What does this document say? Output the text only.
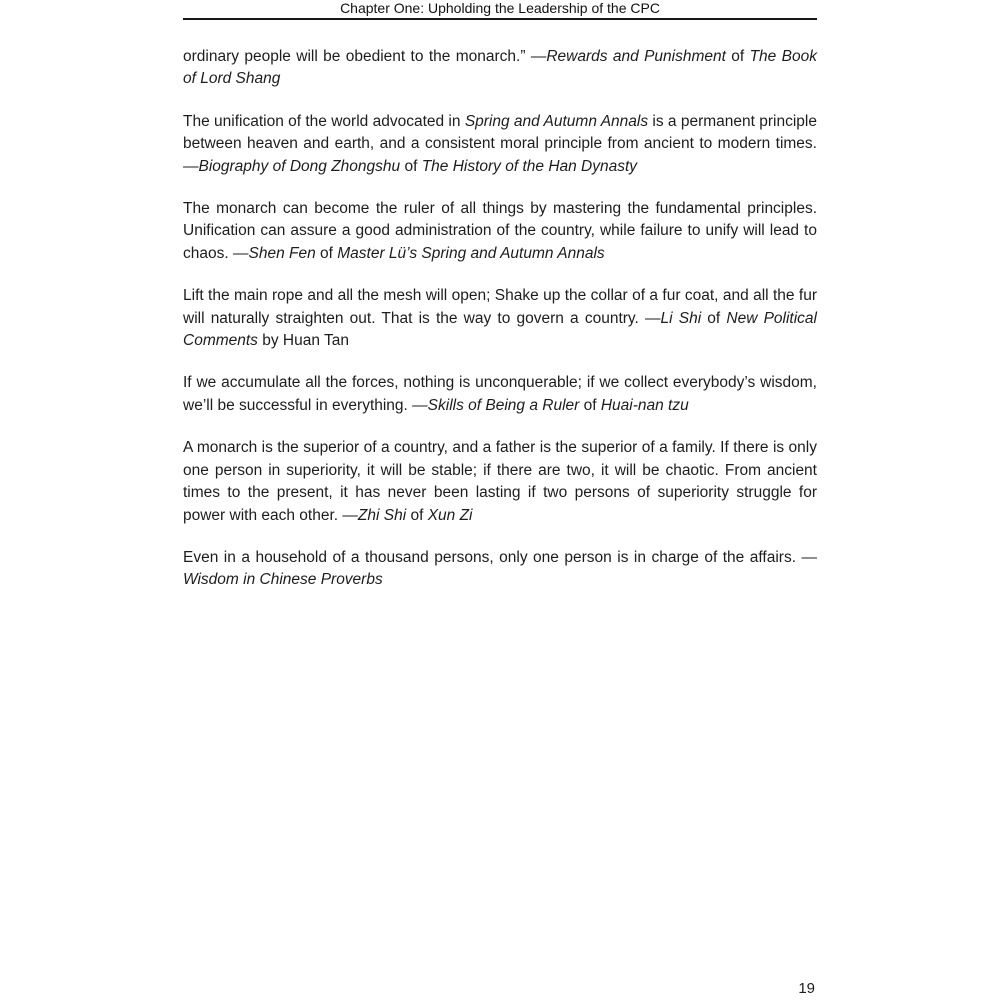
Chapter One: Upholding the Leadership of the CPC

ordinary people will be obedient to the monarch.” —Rewards and Punishment of The Book of Lord Shang

The unification of the world advocated in Spring and Autumn Annals is a permanent principle between heaven and earth, and a consistent moral principle from ancient to modern times. —Biography of Dong Zhongshu of The History of the Han Dynasty

The monarch can become the ruler of all things by mastering the fundamental principles. Unification can assure a good administration of the country, while failure to unify will lead to chaos. —Shen Fen of Master Lü’s Spring and Autumn Annals

Lift the main rope and all the mesh will open; Shake up the collar of a fur coat, and all the fur will naturally straighten out. That is the way to govern a country. —Li Shi of New Political Comments by Huan Tan

If we accumulate all the forces, nothing is unconquerable; if we collect everybody’s wisdom, we’ll be successful in everything. —Skills of Being a Ruler of Huai-nan tzu

A monarch is the superior of a country, and a father is the superior of a family. If there is only one person in superiority, it will be stable; if there are two, it will be chaotic. From ancient times to the present, it has never been lasting if two persons of superiority struggle for power with each other. —Zhi Shi of Xun Zi

Even in a household of a thousand persons, only one person is in charge of the affairs. —Wisdom in Chinese Proverbs

19
